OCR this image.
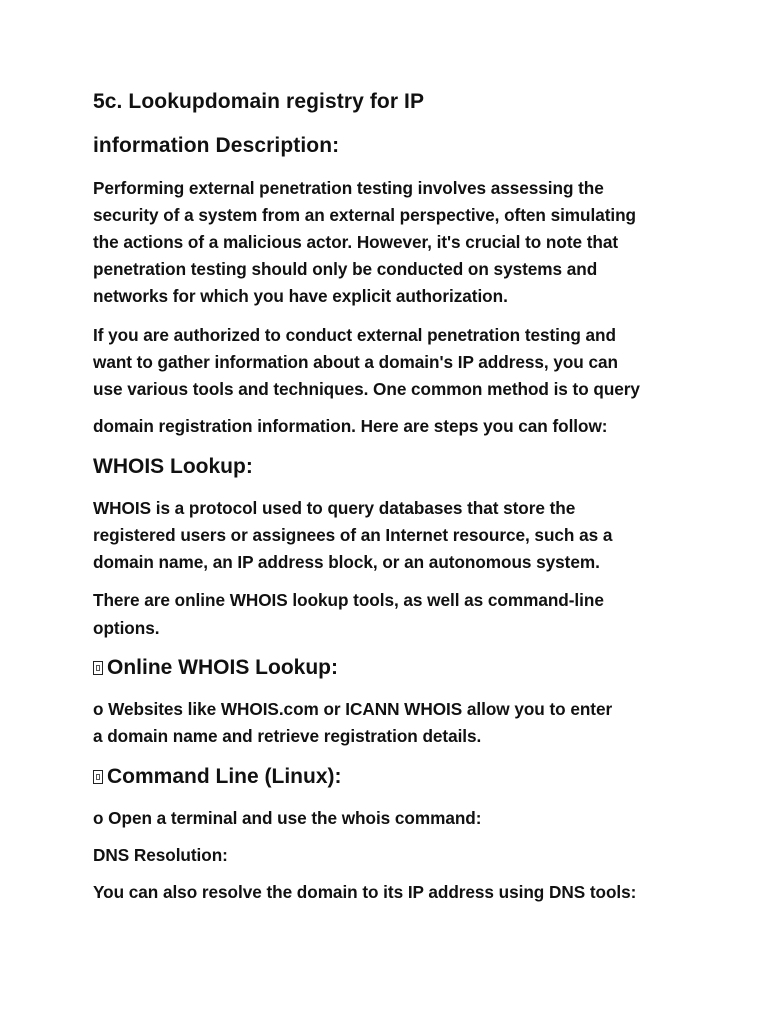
5c. Lookupdomain registry for IP
information Description:
Performing external penetration testing involves assessing the
security of a system from an external perspective, often simulating
the actions of a malicious actor. However, it's crucial to note that
penetration testing should only be conducted on systems and
networks for which you have explicit authorization.
If you are authorized to conduct external penetration testing and
want to gather information about a domain's IP address, you can
use various tools and techniques. One common method is to query
domain registration information. Here are steps you can follow:
WHOIS Lookup:
WHOIS is a protocol used to query databases that store the
registered users or assignees of an Internet resource, such as a
domain name, an IP address block, or an autonomous system.
There are online WHOIS lookup tools, as well as command-line
options.
Online WHOIS Lookup:
o Websites like WHOIS.com or ICANN WHOIS allow you to enter
a domain name and retrieve registration details.
Command Line (Linux):
o Open a terminal and use the whois command:
DNS Resolution:
You can also resolve the domain to its IP address using DNS tools:
